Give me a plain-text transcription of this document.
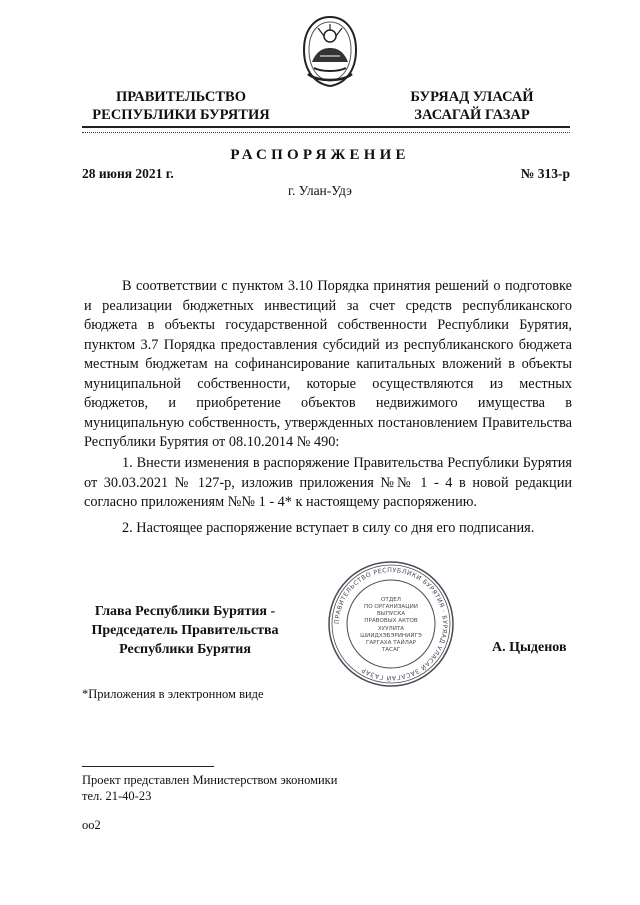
ПРАВИТЕЛЬСТВО
РЕСПУБЛИКИ БУРЯТИЯ
БУРЯАД УЛАСАЙ
ЗАСАГАЙ ГАЗАР
РАСПОРЯЖЕНИЕ
28 июня 2021 г.	№ 313-р
г. Улан-Удэ

В соответствии с пунктом 3.10 Порядка принятия решений о подготовке и реализации бюджетных инвестиций за счет средств республиканского бюджета в объекты государственной собственности Республики Бурятия, пунктом 3.7 Порядка предоставления субсидий из республиканского бюджета местным бюджетам на софинансирование капитальных вложений в объекты муниципальной собственности, которые осуществляются из местных бюджетов, и приобретение объектов недвижимого имущества в муниципальную собственность, утвержденных постановлением Правительства Республики Бурятия от 08.10.2014 № 490:

1. Внести изменения в распоряжение Правительства Республики Бурятия от 30.03.2021 № 127-р, изложив приложения №№ 1 - 4 в новой редакции согласно приложениям №№ 1 - 4* к настоящему распоряжению.

2. Настоящее распоряжение вступает в силу со дня его подписания.

ПРАВИТЕЛЬСТВО РЕСПУБЛИКИ БУРЯТИЯ · БУРЯАД УЛАСАЙ ЗАСАГАЙ ГАЗАР ·
ОТДЕЛ
ПО ОРГАНИЗАЦИИ
ВЫПУСКА
ПРАВОВЫХ АКТОВ
ХУУЛИТА
ШИИДХЭБЭРИНИЙГЭ
ГАРГАХА ТАЙЛАР
ТАСАГ
Глава Республики Бурятия -
Председатель Правительства
Республики Бурятия	А. Цыденов
*Приложения в электронном виде
Проект представлен Министерством экономики
тел. 21-40-23
oo2
